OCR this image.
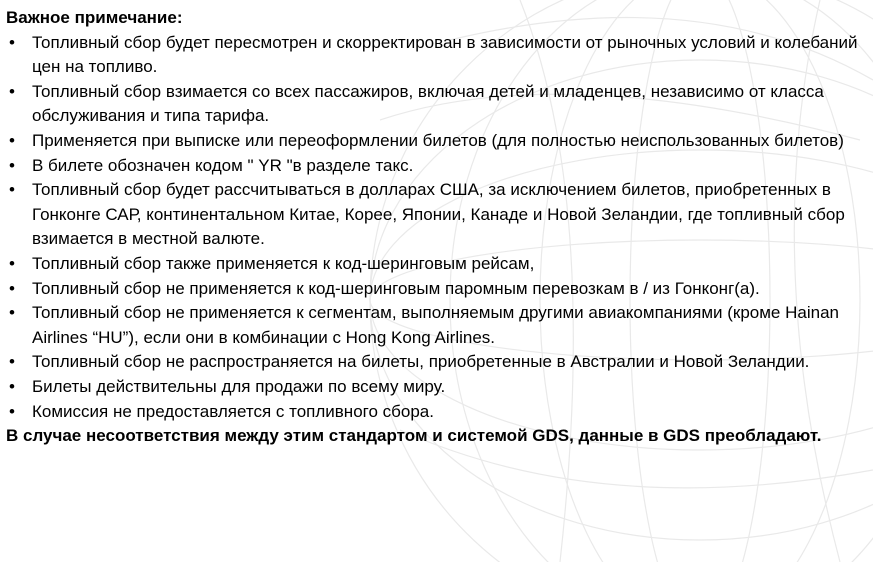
Важное примечание:

• Топливный сбор будет пересмотрен и скорректирован в зависимости от рыночных условий и колебаний цен на топливо.
• Топливный сбор взимается со всех пассажиров, включая детей и младенцев, независимо от класса обслуживания и типа тарифа.
• Применяется при выписке или переоформлении билетов (для полностью неиспользованных билетов)
• В билете обозначен кодом " YR "в разделе такс.
• Топливный сбор будет рассчитываться в долларах США, за исключением билетов, приобретенных в Гонконге САР, континентальном Китае, Корее, Японии, Канаде и Новой Зеландии, где топливный сбор взимается в местной валюте.
• Топливный сбор также применяется к код-шеринговым рейсам,
• Топливный сбор не применяется к код-шеринговым паромным перевозкам в / из Гонконг(а).
• Топливный сбор не применяется к сегментам, выполняемым другими авиакомпаниями (кроме Hainan Airlines “HU”), если они в комбинации с Hong Kong Airlines.
• Топливный сбор не распространяется на билеты, приобретенные в Австралии и Новой Зеландии.
• Билеты действительны для продажи по всему миру.
• Комиссия не предоставляется с топливного сбора.

В случае несоответствия между этим стандартом и системой GDS, данные в GDS преобладают.
